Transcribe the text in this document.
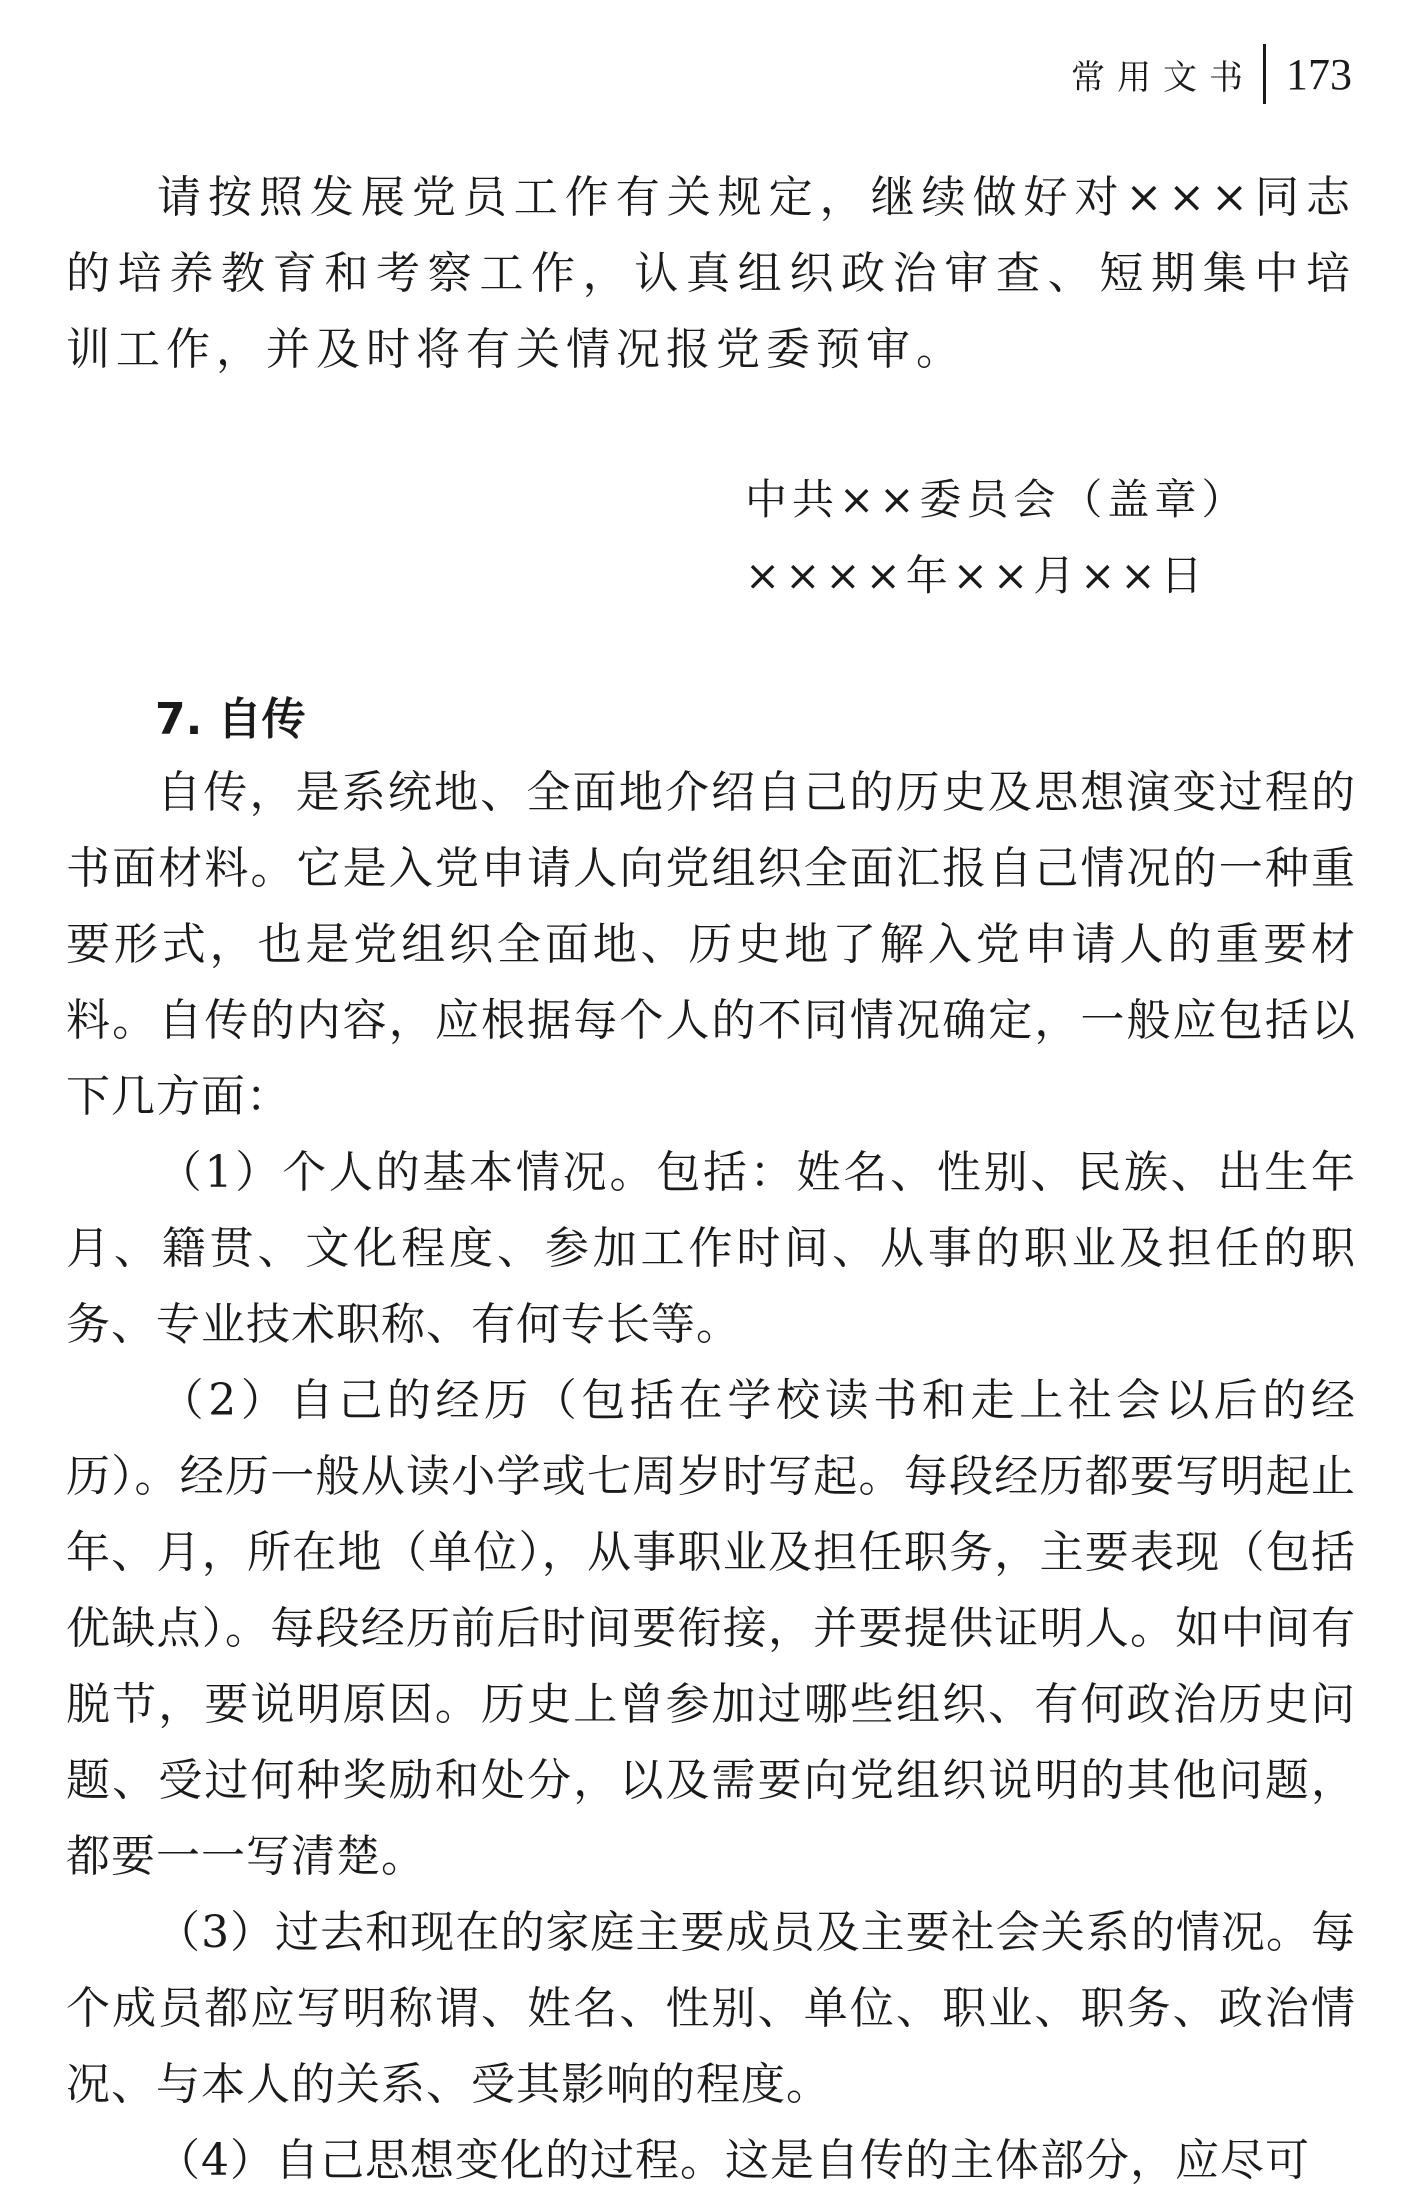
常用文书 173

请按照发展党员工作有关规定，继续做好对×××同志的培养教育和考察工作，认真组织政治审查、短期集中培训工作，并及时将有关情况报党委预审。

中共××委员会（盖章）
××××年××月××日
7. 自传

自传，是系统地、全面地介绍自己的历史及思想演变过程的书面材料。它是入党申请人向党组织全面汇报自己情况的一种重要形式，也是党组织全面地、历史地了解入党申请人的重要材料。自传的内容，应根据每个人的不同情况确定，一般应包括以下几方面：

（1）个人的基本情况。包括：姓名、性别、民族、出生年月、籍贯、文化程度、参加工作时间、从事的职业及担任的职务、专业技术职称、有何专长等。

（2）自己的经历（包括在学校读书和走上社会以后的经历）。经历一般从读小学或七周岁时写起。每段经历都要写明起止年、月，所在地（单位），从事职业及担任职务，主要表现（包括优缺点）。每段经历前后时间要衔接，并要提供证明人。如中间有脱节，要说明原因。历史上曾参加过哪些组织、有何政治历史问题、受过何种奖励和处分，以及需要向党组织说明的其他问题，都要一一写清楚。

（3）过去和现在的家庭主要成员及主要社会关系的情况。每个成员都应写明称谓、姓名、性别、单位、职业、职务、政治情况、与本人的关系、受其影响的程度。

（4）自己思想变化的过程。这是自传的主体部分，应尽可
